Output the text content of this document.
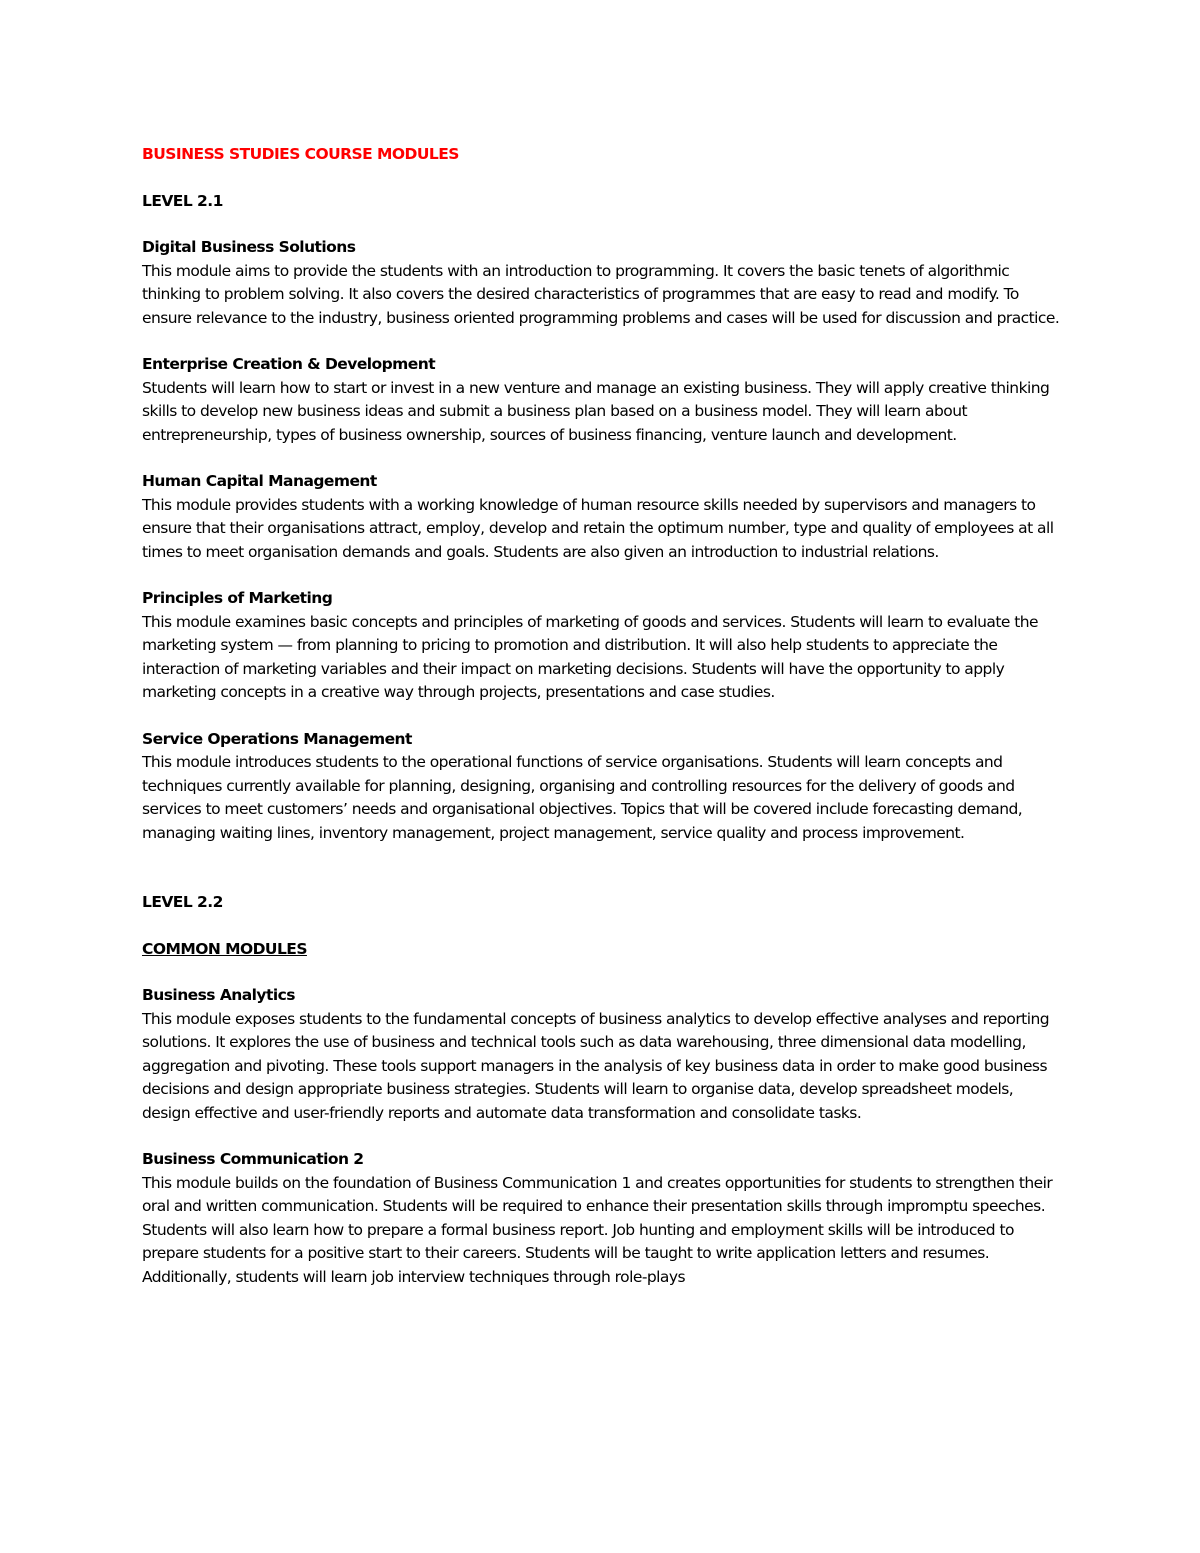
BUSINESS STUDIES COURSE MODULES
LEVEL 2.1
Digital Business Solutions
This module aims to provide the students with an introduction to programming. It covers the basic tenets of algorithmic thinking to problem solving. It also covers the desired characteristics of programmes that are easy to read and modify. To ensure relevance to the industry, business oriented programming problems and cases will be used for discussion and practice.
Enterprise Creation & Development
Students will learn how to start or invest in a new venture and manage an existing business. They will apply creative thinking skills to develop new business ideas and submit a business plan based on a business model. They will learn about entrepreneurship, types of business ownership, sources of business financing, venture launch and development.
Human Capital Management
This module provides students with a working knowledge of human resource skills needed by supervisors and managers to ensure that their organisations attract, employ, develop and retain the optimum number, type and quality of employees at all times to meet organisation demands and goals. Students are also given an introduction to industrial relations.
Principles of Marketing
This module examines basic concepts and principles of marketing of goods and services. Students will learn to evaluate the marketing system — from planning to pricing to promotion and distribution. It will also help students to appreciate the interaction of marketing variables and their impact on marketing decisions. Students will have the opportunity to apply marketing concepts in a creative way through projects, presentations and case studies.
Service Operations Management
This module introduces students to the operational functions of service organisations. Students will learn concepts and techniques currently available for planning, designing, organising and controlling resources for the delivery of goods and services to meet customers’ needs and organisational objectives. Topics that will be covered include forecasting demand, managing waiting lines, inventory management, project management, service quality and process improvement.
LEVEL 2.2
COMMON MODULES
Business Analytics
This module exposes students to the fundamental concepts of business analytics to develop effective analyses and reporting solutions. It explores the use of business and technical tools such as data warehousing, three dimensional data modelling, aggregation and pivoting. These tools support managers in the analysis of key business data in order to make good business decisions and design appropriate business strategies. Students will learn to organise data, develop spreadsheet models, design effective and user-friendly reports and automate data transformation and consolidate tasks.
Business Communication 2
This module builds on the foundation of Business Communication 1 and creates opportunities for students to strengthen their oral and written communication. Students will be required to enhance their presentation skills through impromptu speeches. Students will also learn how to prepare a formal business report. Job hunting and employment skills will be introduced to prepare students for a positive start to their careers. Students will be taught to write application letters and resumes. Additionally, students will learn job interview techniques through role-plays
